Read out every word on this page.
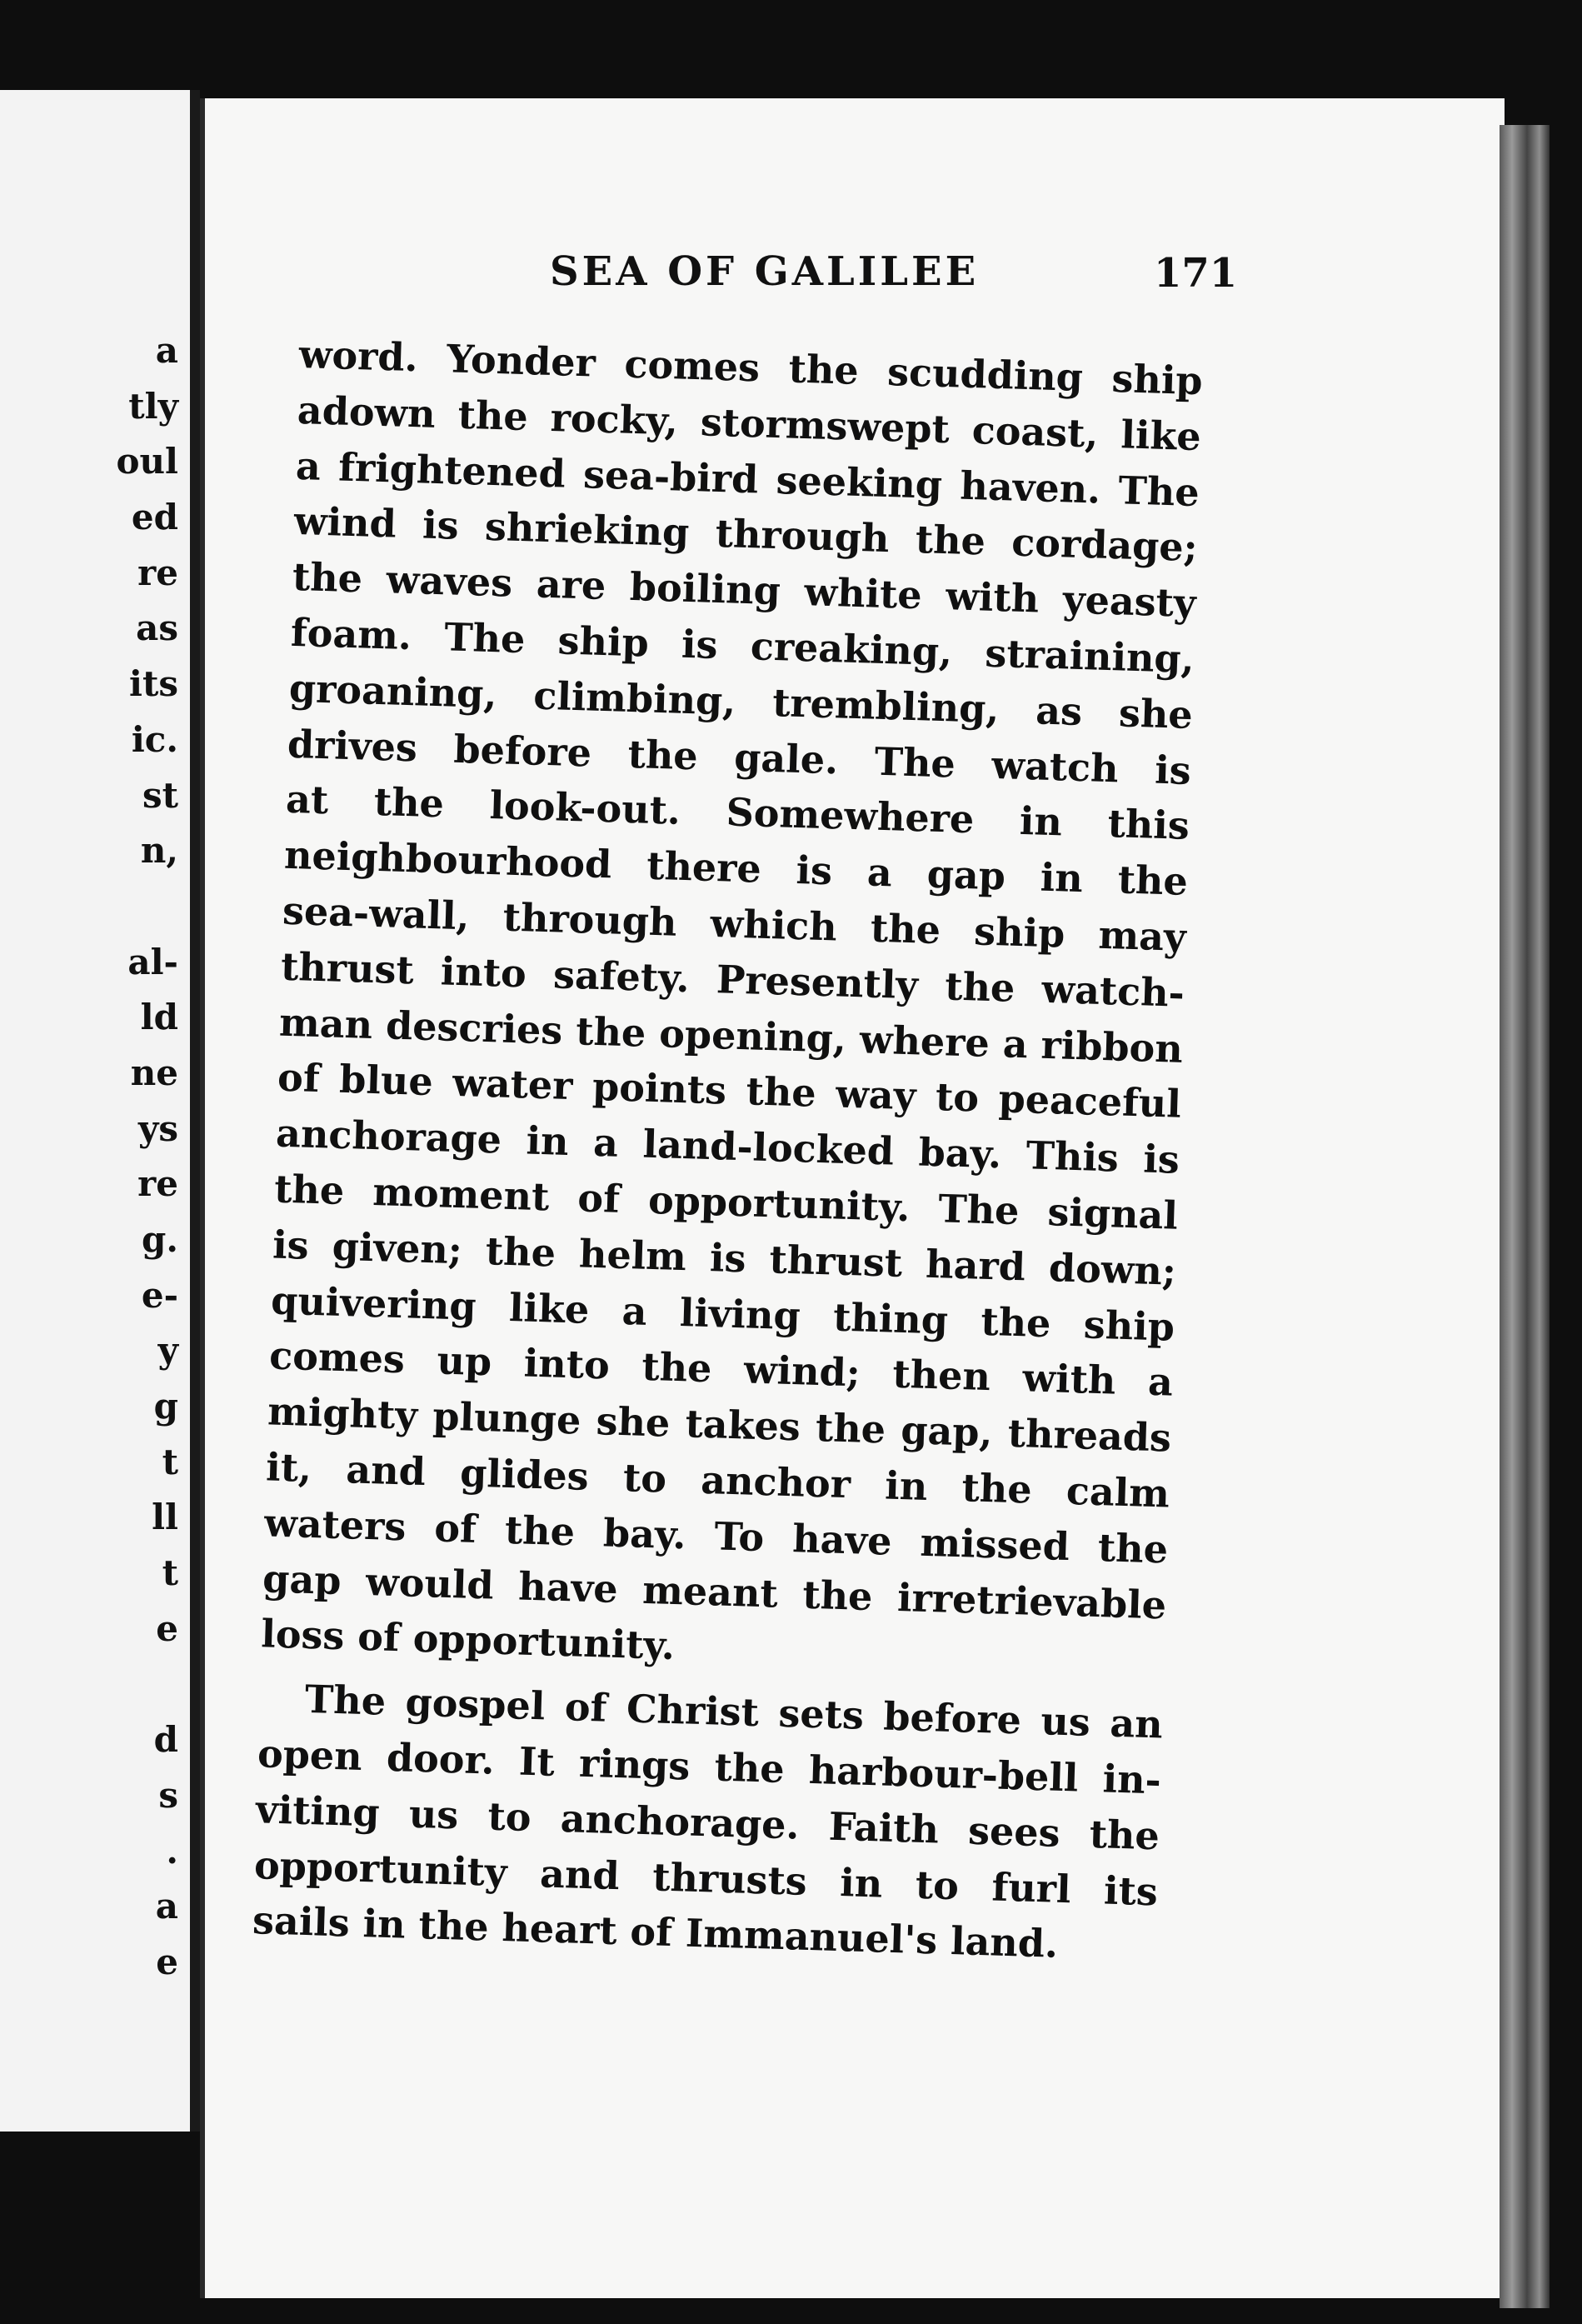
a
tly
oul
ed
re
as
its
ic.
st
n,
al-
ld
ne
ys
re
g.
e-
y
g
t
ll
t
e
d
s
.
a
e
SEA OF GALILEE	171
word. Yonder comes the scudding ship
adown the rocky, stormswept coast, like
a frightened sea-bird seeking haven. The
wind is shrieking through the cordage;
the waves are boiling white with yeasty
foam. The ship is creaking, straining,
groaning, climbing, trembling, as she
drives before the gale. The watch is
at the look-out. Somewhere in this
neighbourhood there is a gap in the
sea-wall, through which the ship may
thrust into safety. Presently the watch-
man descries the opening, where a ribbon
of blue water points the way to peaceful
anchorage in a land-locked bay. This is
the moment of opportunity. The signal
is given; the helm is thrust hard down;
quivering like a living thing the ship
comes up into the wind; then with a
mighty plunge she takes the gap, threads
it, and glides to anchor in the calm
waters of the bay. To have missed the
gap would have meant the irretrievable
loss of opportunity.
The gospel of Christ sets before us an
open door. It rings the harbour-bell in-
viting us to anchorage. Faith sees the
opportunity and thrusts in to furl its
sails in the heart of Immanuel's land.
